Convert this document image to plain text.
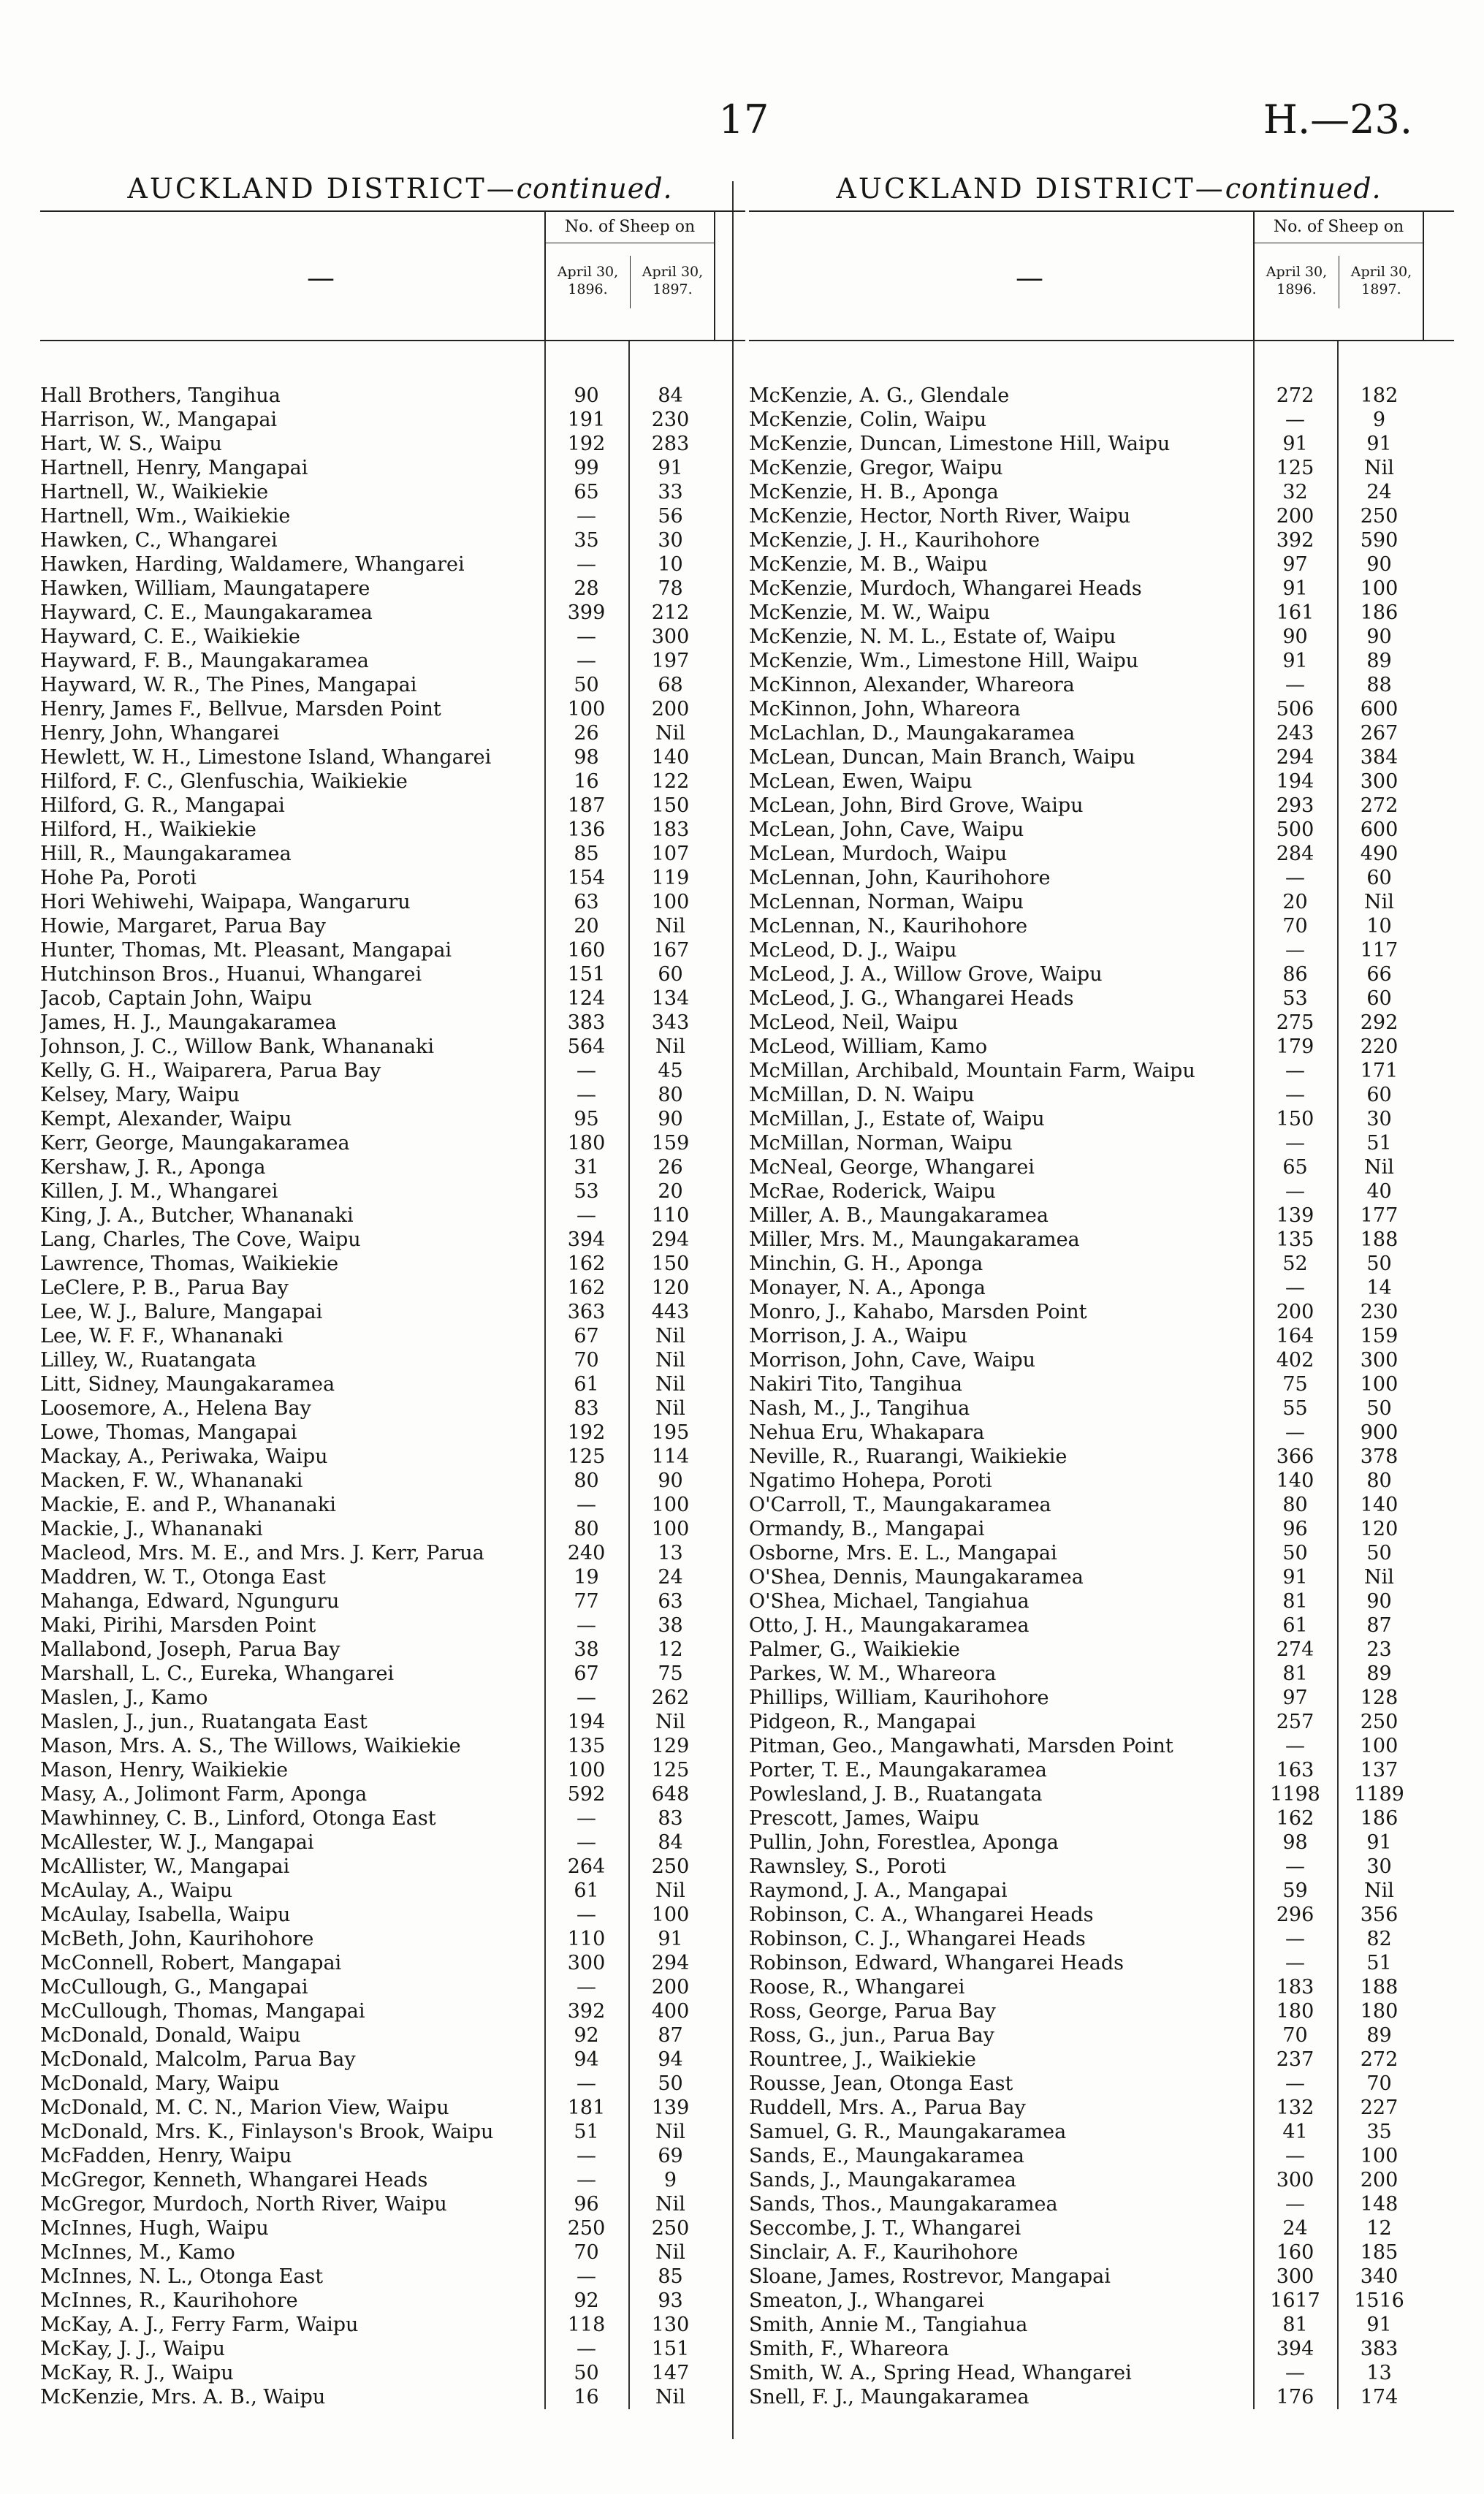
17	H.—23.
AUCKLAND DISTRICT—continued.
—
No. of Sheep on
April 30, 1896.
April 30, 1897.
Hall Brothers, Tangihua	90	84
Harrison, W., Mangapai	191	230
Hart, W. S., Waipu	192	283
Hartnell, Henry, Mangapai	99	91
Hartnell, W., Waikiekie	65	33
Hartnell, Wm., Waikiekie	—	56
Hawken, C., Whangarei	35	30
Hawken, Harding, Waldamere, Whangarei	—	10
Hawken, William, Maungatapere	28	78
Hayward, C. E., Maungakaramea	399	212
Hayward, C. E., Waikiekie	—	300
Hayward, F. B., Maungakaramea	—	197
Hayward, W. R., The Pines, Mangapai	50	68
Henry, James F., Bellvue, Marsden Point	100	200
Henry, John, Whangarei	26	Nil
Hewlett, W. H., Limestone Island, Whangarei	98	140
Hilford, F. C., Glenfuschia, Waikiekie	16	122
Hilford, G. R., Mangapai	187	150
Hilford, H., Waikiekie	136	183
Hill, R., Maungakaramea	85	107
Hohe Pa, Poroti	154	119
Hori Wehiwehi, Waipapa, Wangaruru	63	100
Howie, Margaret, Parua Bay	20	Nil
Hunter, Thomas, Mt. Pleasant, Mangapai	160	167
Hutchinson Bros., Huanui, Whangarei	151	60
Jacob, Captain John, Waipu	124	134
James, H. J., Maungakaramea	383	343
Johnson, J. C., Willow Bank, Whananaki	564	Nil
Kelly, G. H., Waiparera, Parua Bay	—	45
Kelsey, Mary, Waipu	—	80
Kempt, Alexander, Waipu	95	90
Kerr, George, Maungakaramea	180	159
Kershaw, J. R., Aponga	31	26
Killen, J. M., Whangarei	53	20
King, J. A., Butcher, Whananaki	—	110
Lang, Charles, The Cove, Waipu	394	294
Lawrence, Thomas, Waikiekie	162	150
LeClere, P. B., Parua Bay	162	120
Lee, W. J., Balure, Mangapai	363	443
Lee, W. F. F., Whananaki	67	Nil
Lilley, W., Ruatangata	70	Nil
Litt, Sidney, Maungakaramea	61	Nil
Loosemore, A., Helena Bay	83	Nil
Lowe, Thomas, Mangapai	192	195
Mackay, A., Periwaka, Waipu	125	114
Macken, F. W., Whananaki	80	90
Mackie, E. and P., Whananaki	—	100
Mackie, J., Whananaki	80	100
Macleod, Mrs. M. E., and Mrs. J. Kerr, Parua	240	13
Maddren, W. T., Otonga East	19	24
Mahanga, Edward, Ngunguru	77	63
Maki, Pirihi, Marsden Point	—	38
Mallabond, Joseph, Parua Bay	38	12
Marshall, L. C., Eureka, Whangarei	67	75
Maslen, J., Kamo	—	262
Maslen, J., jun., Ruatangata East	194	Nil
Mason, Mrs. A. S., The Willows, Waikiekie	135	129
Mason, Henry, Waikiekie	100	125
Masy, A., Jolimont Farm, Aponga	592	648
Mawhinney, C. B., Linford, Otonga East	—	83
McAllester, W. J., Mangapai	—	84
McAllister, W., Mangapai	264	250
McAulay, A., Waipu	61	Nil
McAulay, Isabella, Waipu	—	100
McBeth, John, Kaurihohore	110	91
McConnell, Robert, Mangapai	300	294
McCullough, G., Mangapai	—	200
McCullough, Thomas, Mangapai	392	400
McDonald, Donald, Waipu	92	87
McDonald, Malcolm, Parua Bay	94	94
McDonald, Mary, Waipu	—	50
McDonald, M. C. N., Marion View, Waipu	181	139
McDonald, Mrs. K., Finlayson's Brook, Waipu	51	Nil
McFadden, Henry, Waipu	—	69
McGregor, Kenneth, Whangarei Heads	—	9
McGregor, Murdoch, North River, Waipu	96	Nil
McInnes, Hugh, Waipu	250	250
McInnes, M., Kamo	70	Nil
McInnes, N. L., Otonga East	—	85
McInnes, R., Kaurihohore	92	93
McKay, A. J., Ferry Farm, Waipu	118	130
McKay, J. J., Waipu	—	151
McKay, R. J., Waipu	50	147
McKenzie, Mrs. A. B., Waipu	16	Nil
AUCKLAND DISTRICT—continued.
—
No. of Sheep on
April 30, 1896.
April 30, 1897.
McKenzie, A. G., Glendale	272	182
McKenzie, Colin, Waipu	—	9
McKenzie, Duncan, Limestone Hill, Waipu	91	91
McKenzie, Gregor, Waipu	125	Nil
McKenzie, H. B., Aponga	32	24
McKenzie, Hector, North River, Waipu	200	250
McKenzie, J. H., Kaurihohore	392	590
McKenzie, M. B., Waipu	97	90
McKenzie, Murdoch, Whangarei Heads	91	100
McKenzie, M. W., Waipu	161	186
McKenzie, N. M. L., Estate of, Waipu	90	90
McKenzie, Wm., Limestone Hill, Waipu	91	89
McKinnon, Alexander, Whareora	—	88
McKinnon, John, Whareora	506	600
McLachlan, D., Maungakaramea	243	267
McLean, Duncan, Main Branch, Waipu	294	384
McLean, Ewen, Waipu	194	300
McLean, John, Bird Grove, Waipu	293	272
McLean, John, Cave, Waipu	500	600
McLean, Murdoch, Waipu	284	490
McLennan, John, Kaurihohore	—	60
McLennan, Norman, Waipu	20	Nil
McLennan, N., Kaurihohore	70	10
McLeod, D. J., Waipu	—	117
McLeod, J. A., Willow Grove, Waipu	86	66
McLeod, J. G., Whangarei Heads	53	60
McLeod, Neil, Waipu	275	292
McLeod, William, Kamo	179	220
McMillan, Archibald, Mountain Farm, Waipu	—	171
McMillan, D. N. Waipu	—	60
McMillan, J., Estate of, Waipu	150	30
McMillan, Norman, Waipu	—	51
McNeal, George, Whangarei	65	Nil
McRae, Roderick, Waipu	—	40
Miller, A. B., Maungakaramea	139	177
Miller, Mrs. M., Maungakaramea	135	188
Minchin, G. H., Aponga	52	50
Monayer, N. A., Aponga	—	14
Monro, J., Kahabo, Marsden Point	200	230
Morrison, J. A., Waipu	164	159
Morrison, John, Cave, Waipu	402	300
Nakiri Tito, Tangihua	75	100
Nash, M., J., Tangihua	55	50
Nehua Eru, Whakapara	—	900
Neville, R., Ruarangi, Waikiekie	366	378
Ngatimo Hohepa, Poroti	140	80
O'Carroll, T., Maungakaramea	80	140
Ormandy, B., Mangapai	96	120
Osborne, Mrs. E. L., Mangapai	50	50
O'Shea, Dennis, Maungakaramea	91	Nil
O'Shea, Michael, Tangiahua	81	90
Otto, J. H., Maungakaramea	61	87
Palmer, G., Waikiekie	274	23
Parkes, W. M., Whareora	81	89
Phillips, William, Kaurihohore	97	128
Pidgeon, R., Mangapai	257	250
Pitman, Geo., Mangawhati, Marsden Point	—	100
Porter, T. E., Maungakaramea	163	137
Powlesland, J. B., Ruatangata	1198	1189
Prescott, James, Waipu	162	186
Pullin, John, Forestlea, Aponga	98	91
Rawnsley, S., Poroti	—	30
Raymond, J. A., Mangapai	59	Nil
Robinson, C. A., Whangarei Heads	296	356
Robinson, C. J., Whangarei Heads	—	82
Robinson, Edward, Whangarei Heads	—	51
Roose, R., Whangarei	183	188
Ross, George, Parua Bay	180	180
Ross, G., jun., Parua Bay	70	89
Rountree, J., Waikiekie	237	272
Rousse, Jean, Otonga East	—	70
Ruddell, Mrs. A., Parua Bay	132	227
Samuel, G. R., Maungakaramea	41	35
Sands, E., Maungakaramea	—	100
Sands, J., Maungakaramea	300	200
Sands, Thos., Maungakaramea	—	148
Seccombe, J. T., Whangarei	24	12
Sinclair, A. F., Kaurihohore	160	185
Sloane, James, Rostrevor, Mangapai	300	340
Smeaton, J., Whangarei	1617	1516
Smith, Annie M., Tangiahua	81	91
Smith, F., Whareora	394	383
Smith, W. A., Spring Head, Whangarei	—	13
Snell, F. J., Maungakaramea	176	174
